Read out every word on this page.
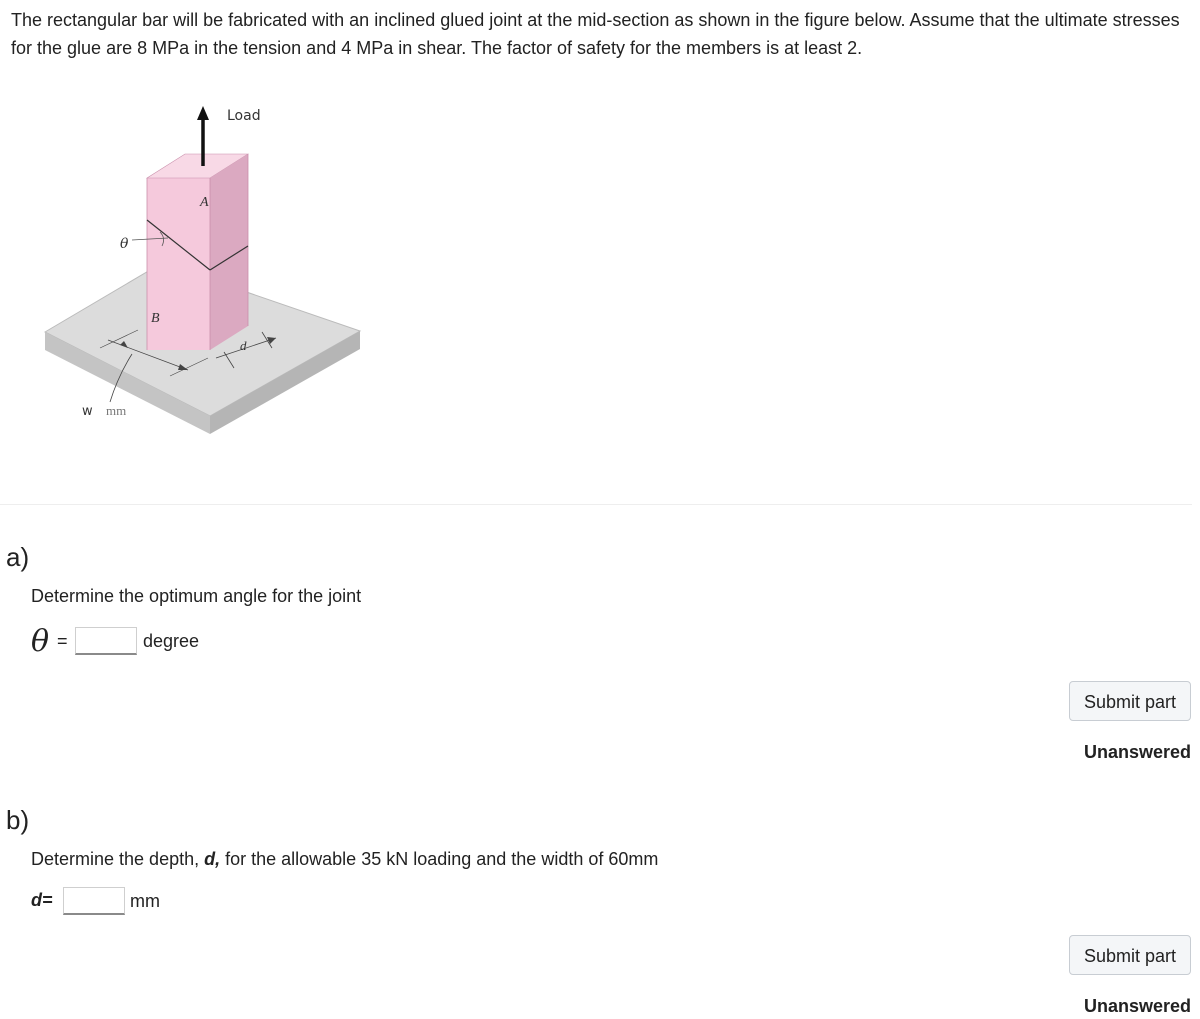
The rectangular bar will be fabricated with an inclined glued joint at the mid-section as shown in the figure below. Assume that the ultimate stresses for the glue are 8 MPa in the tension and 4 MPa in shear. The factor of safety for the members is at least 2.
Load
A
B
θ
d
w mm
a)
Determine the optimum angle for the joint
θ =	degree
Submit part
Unanswered
b)
Determine the depth, d, for the allowable 35 kN loading and the width of 60mm
d=	mm
Submit part
Unanswered
